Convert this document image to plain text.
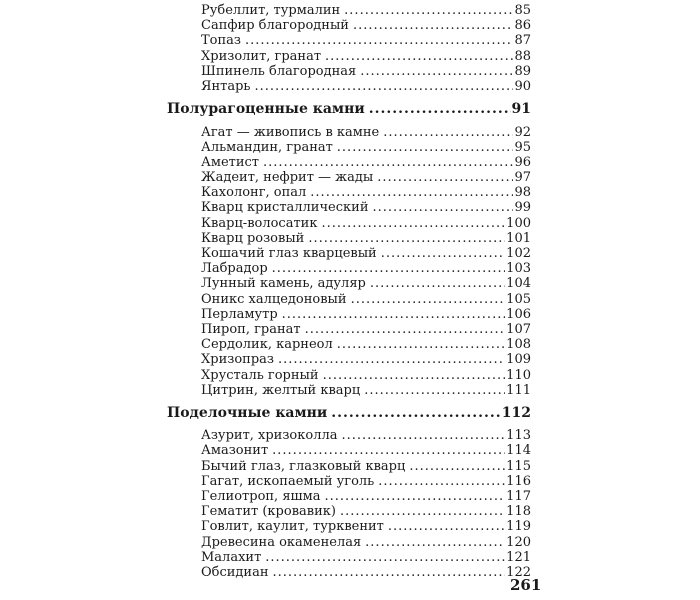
Рубеллит, турмалин .....	85
Сапфир благородный .....	86
Топаз .....	87
Хризолит, гранат .....	88
Шпинель благородная .....	89
Янтарь .....	90
Полурагоценные камни .....	91
Агат — живопись в камне .....	92
Альмандин, гранат .....	95
Аметист .....	96
Жадеит, нефрит — жады .....	97
Кахолонг, опал .....	98
Кварц кристаллический .....	99
Кварц-волосатик .....	100
Кварц розовый .....	101
Кошачий глаз кварцевый .....	102
Лабрадор .....	103
Лунный камень, адуляр .....	104
Оникс халцедоновый .....	105
Перламутр .....	106
Пироп, гранат .....	107
Сердолик, карнеол .....	108
Хризопраз .....	109
Хрусталь горный .....	110
Цитрин, желтый кварц .....	111
Поделочные камни .....	112
Азурит, хризоколла .....	113
Амазонит .....	114
Бычий глаз, глазковый кварц .....	115
Гагат, ископаемый уголь .....	116
Гелиотроп, яшма .....	117
Гематит (кровавик) .....	118
Говлит, каулит, турквенит .....	119
Древесина окаменелая .....	120
Малахит .....	121
Обсидиан .....	122
261
